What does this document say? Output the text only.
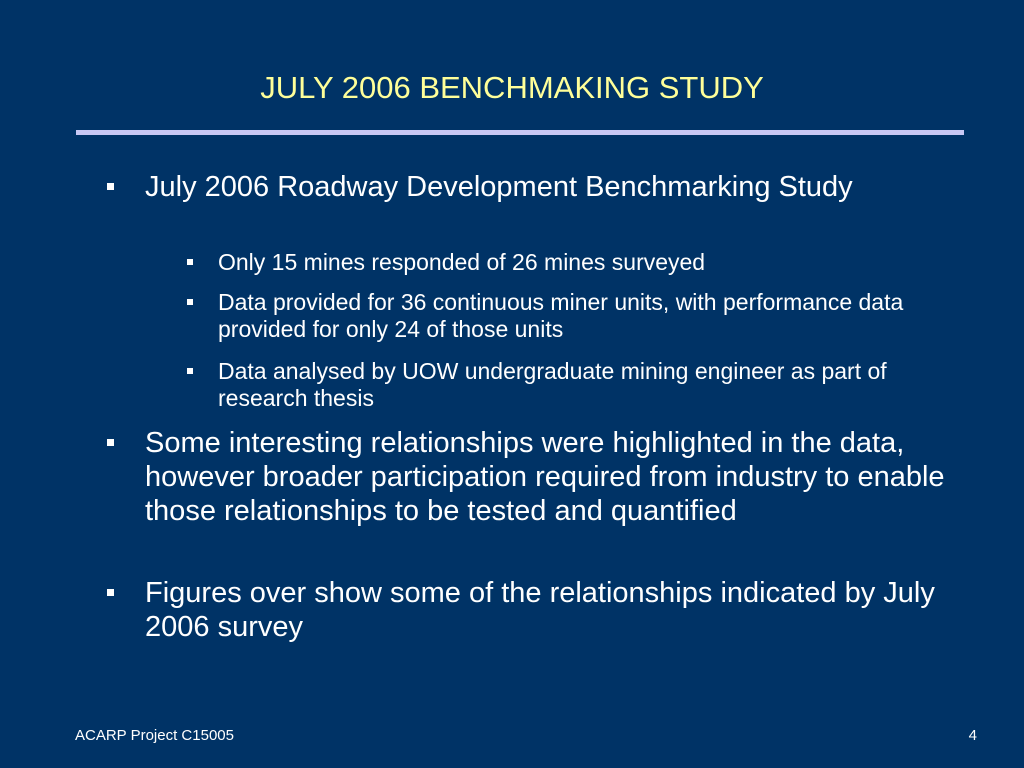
JULY 2006 BENCHMAKING STUDY
July 2006 Roadway Development Benchmarking Study
Only 15 mines responded of 26 mines surveyed
Data provided for 36 continuous miner units, with performance data provided for only 24 of those units
Data analysed by UOW undergraduate mining engineer as part of research thesis
Some interesting relationships were highlighted in the data, however broader participation required from industry to enable those relationships to be tested and quantified
Figures over show some of the relationships indicated by July 2006 survey
ACARP Project C15005	4
